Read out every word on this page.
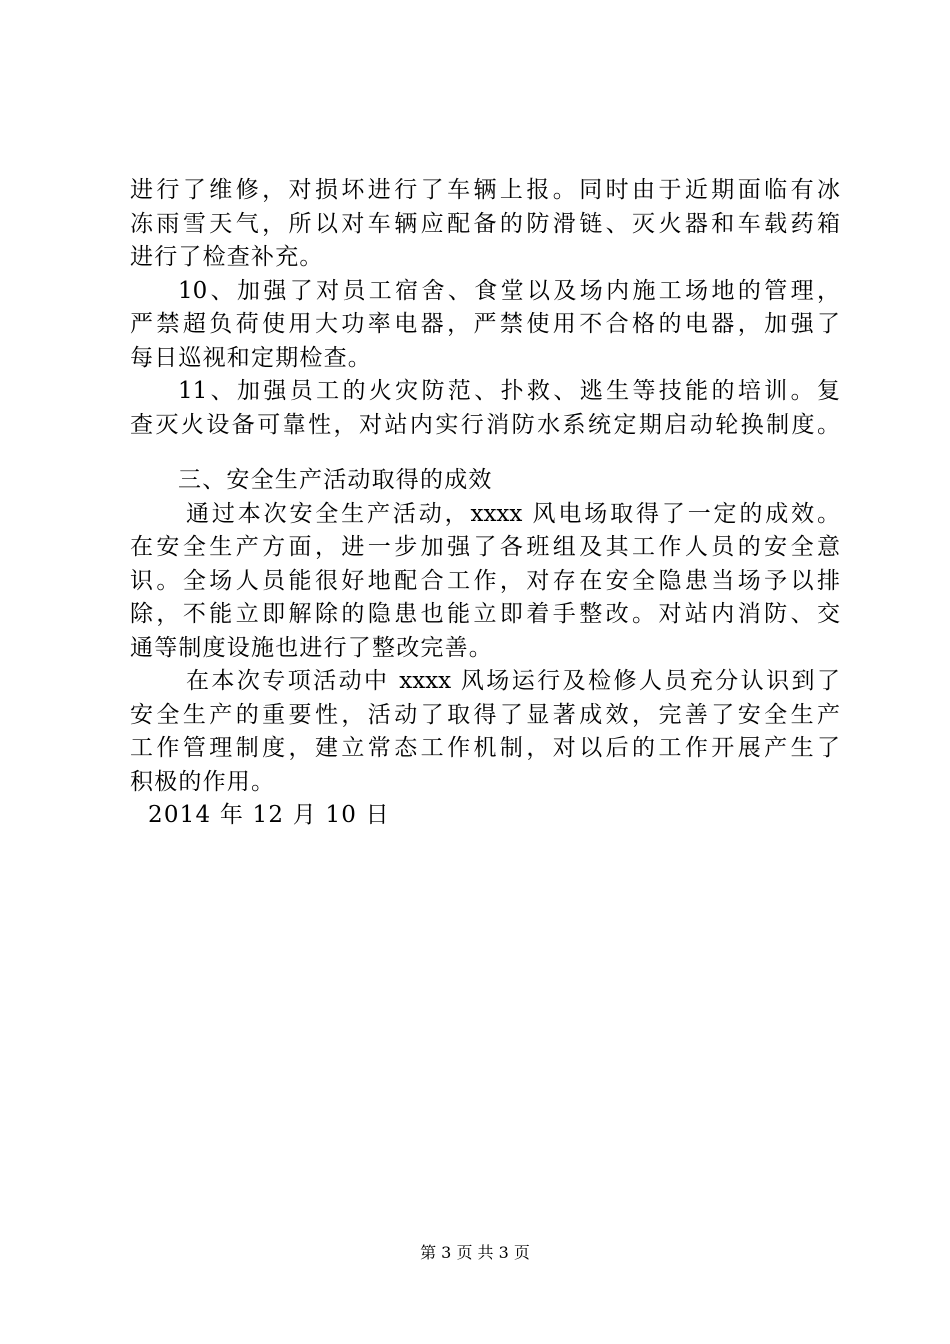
进行了维修，对损坏进行了车辆上报。同时由于近期面临有冰
冻雨雪天气，所以对车辆应配备的防滑链、灭火器和车载药箱
进行了检查补充。
10、加强了对员工宿舍、食堂以及场内施工场地的管理，
严禁超负荷使用大功率电器，严禁使用不合格的电器，加强了
每日巡视和定期检查。
11、加强员工的火灾防范、扑救、逃生等技能的培训。复
查灭火设备可靠性，对站内实行消防水系统定期启动轮换制度。
三、安全生产活动取得的成效
通过本次安全生产活动，xxxx 风电场取得了一定的成效。
在安全生产方面，进一步加强了各班组及其工作人员的安全意
识。全场人员能很好地配合工作，对存在安全隐患当场予以排
除，不能立即解除的隐患也能立即着手整改。对站内消防、交
通等制度设施也进行了整改完善。
在本次专项活动中 xxxx 风场运行及检修人员充分认识到了
安全生产的重要性，活动了取得了显著成效，完善了安全生产
工作管理制度，建立常态工作机制，对以后的工作开展产生了
积极的作用。
2014 年 12 月 10 日
第 3 页 共 3 页
